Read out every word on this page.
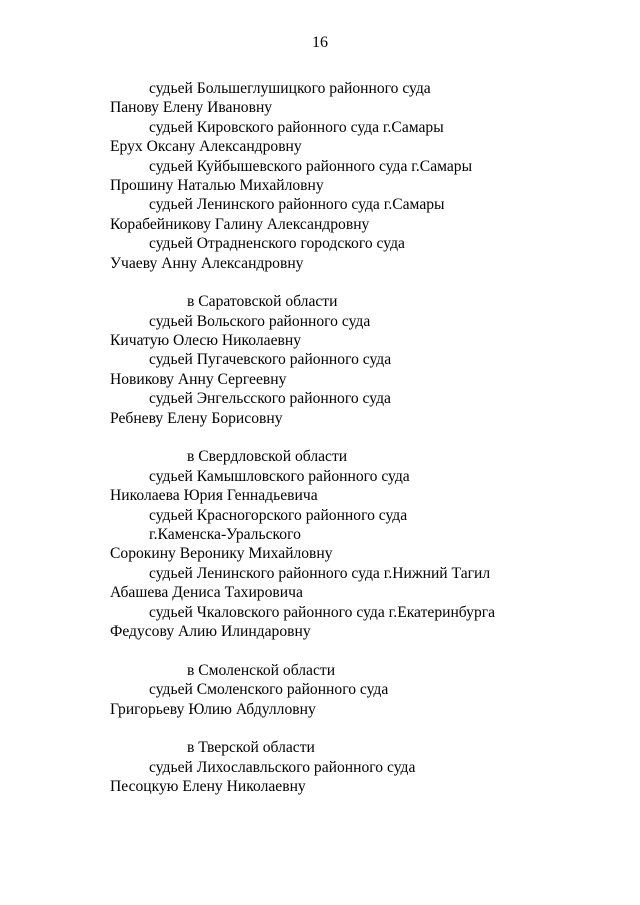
16
судьей Большеглушицкого районного суда
Панову Елену Ивановну
судьей Кировского районного суда г.Самары
Ерух Оксану Александровну
судьей Куйбышевского районного суда г.Самары
Прошину Наталью Михайловну
судьей Ленинского районного суда г.Самары
Корабейникову Галину Александровну
судьей Отрадненского городского суда
Учаеву Анну Александровну
в Саратовской области
судьей Вольского районного суда
Кичатую Олесю Николаевну
судьей Пугачевского районного суда
Новикову Анну Сергеевну
судьей Энгельсского районного суда
Ребневу Елену Борисовну
в Свердловской области
судьей Камышловского районного суда
Николаева Юрия Геннадьевича
судьей Красногорского районного суда
г.Каменска-Уральского
Сорокину Веронику Михайловну
судьей Ленинского районного суда г.Нижний Тагил
Абашева Дениса Тахировича
судьей Чкаловского районного суда г.Екатеринбурга
Федусову Алию Илиндаровну
в Смоленской области
судьей Смоленского районного суда
Григорьеву Юлию Абдулловну
в Тверской области
судьей Лихославльского районного суда
Песоцкую Елену Николаевну
